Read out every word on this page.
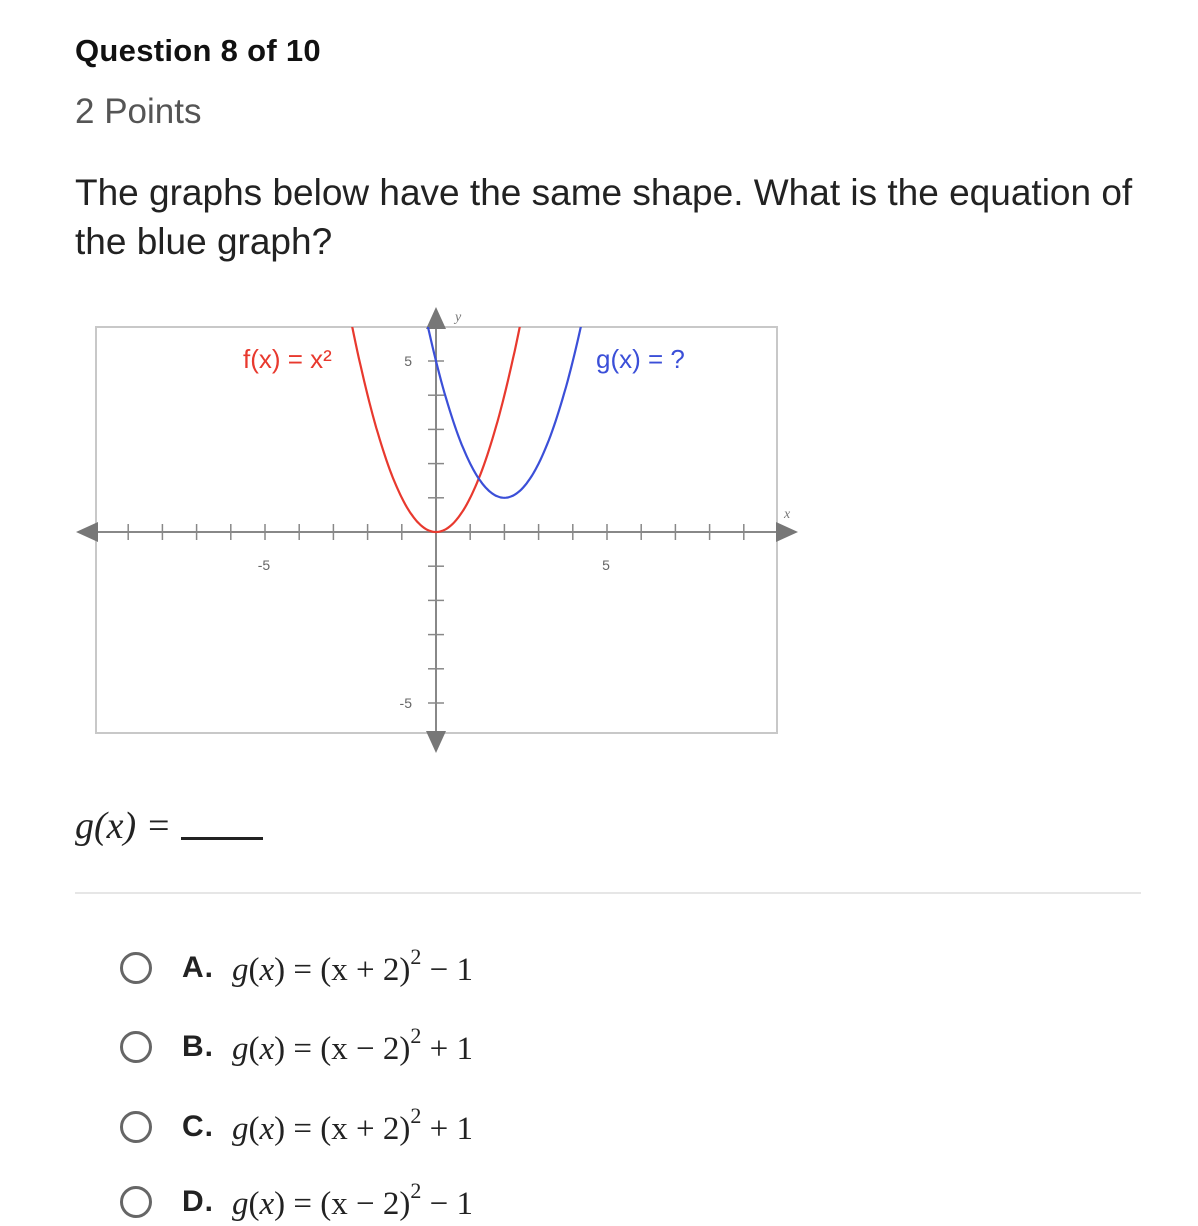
Question 8 of 10
2 Points
The graphs below have the same shape. What is the equation of the blue graph?
x
y
-5	5
5
-5
f(x) = x²	g(x) = ?
g(x) =
A. $g(x) = (x + 2)^2 - 1$
B. $g(x) = (x - 2)^2 + 1$
C. $g(x) = (x + 2)^2 + 1$
D. $g(x) = (x - 2)^2 - 1$
